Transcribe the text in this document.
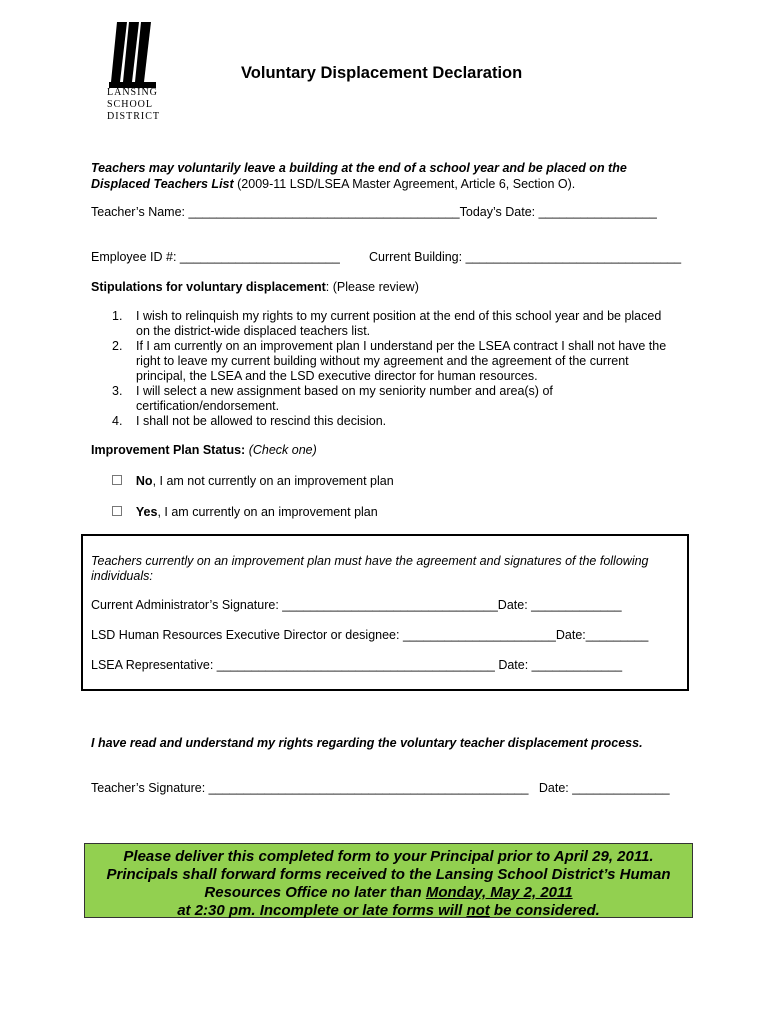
LANSING
SCHOOL
DISTRICT
Voluntary Displacement Declaration
Teachers may voluntarily leave a building at the end of a school year and be placed on the
Displaced Teachers List (2009-11 LSD/LSEA Master Agreement, Article 6, Section O).
Teacher’s Name: _______________________________________Today’s Date: _________________
Employee ID #: _______________________ Current Building: _______________________________
Stipulations for voluntary displacement: (Please review)
1. I wish to relinquish my rights to my current position at the end of this school year and be placed
on the district-wide displaced teachers list.
2. If I am currently on an improvement plan I understand per the LSEA contract I shall not have the
right to leave my current building without my agreement and the agreement of the current
principal, the LSEA and the LSD executive director for human resources.
3. I will select a new assignment based on my seniority number and area(s) of
certification/endorsement.
4. I shall not be allowed to rescind this decision.
Improvement Plan Status: (Check one)
No, I am not currently on an improvement plan
Yes, I am currently on an improvement plan
Teachers currently on an improvement plan must have the agreement and signatures of the following
individuals:
Current Administrator’s Signature: _______________________________Date: _____________
LSD Human Resources Executive Director or designee: ______________________Date:_________
LSEA Representative: ________________________________________ Date: _____________
I have read and understand my rights regarding the voluntary teacher displacement process.
Teacher’s Signature: ______________________________________________   Date: ______________
Please deliver this completed form to your Principal prior to April 29, 2011.
Principals shall forward forms received to the Lansing School District’s Human
Resources Office no later than Monday, May 2, 2011
at 2:30 pm. Incomplete or late forms will not be considered.
